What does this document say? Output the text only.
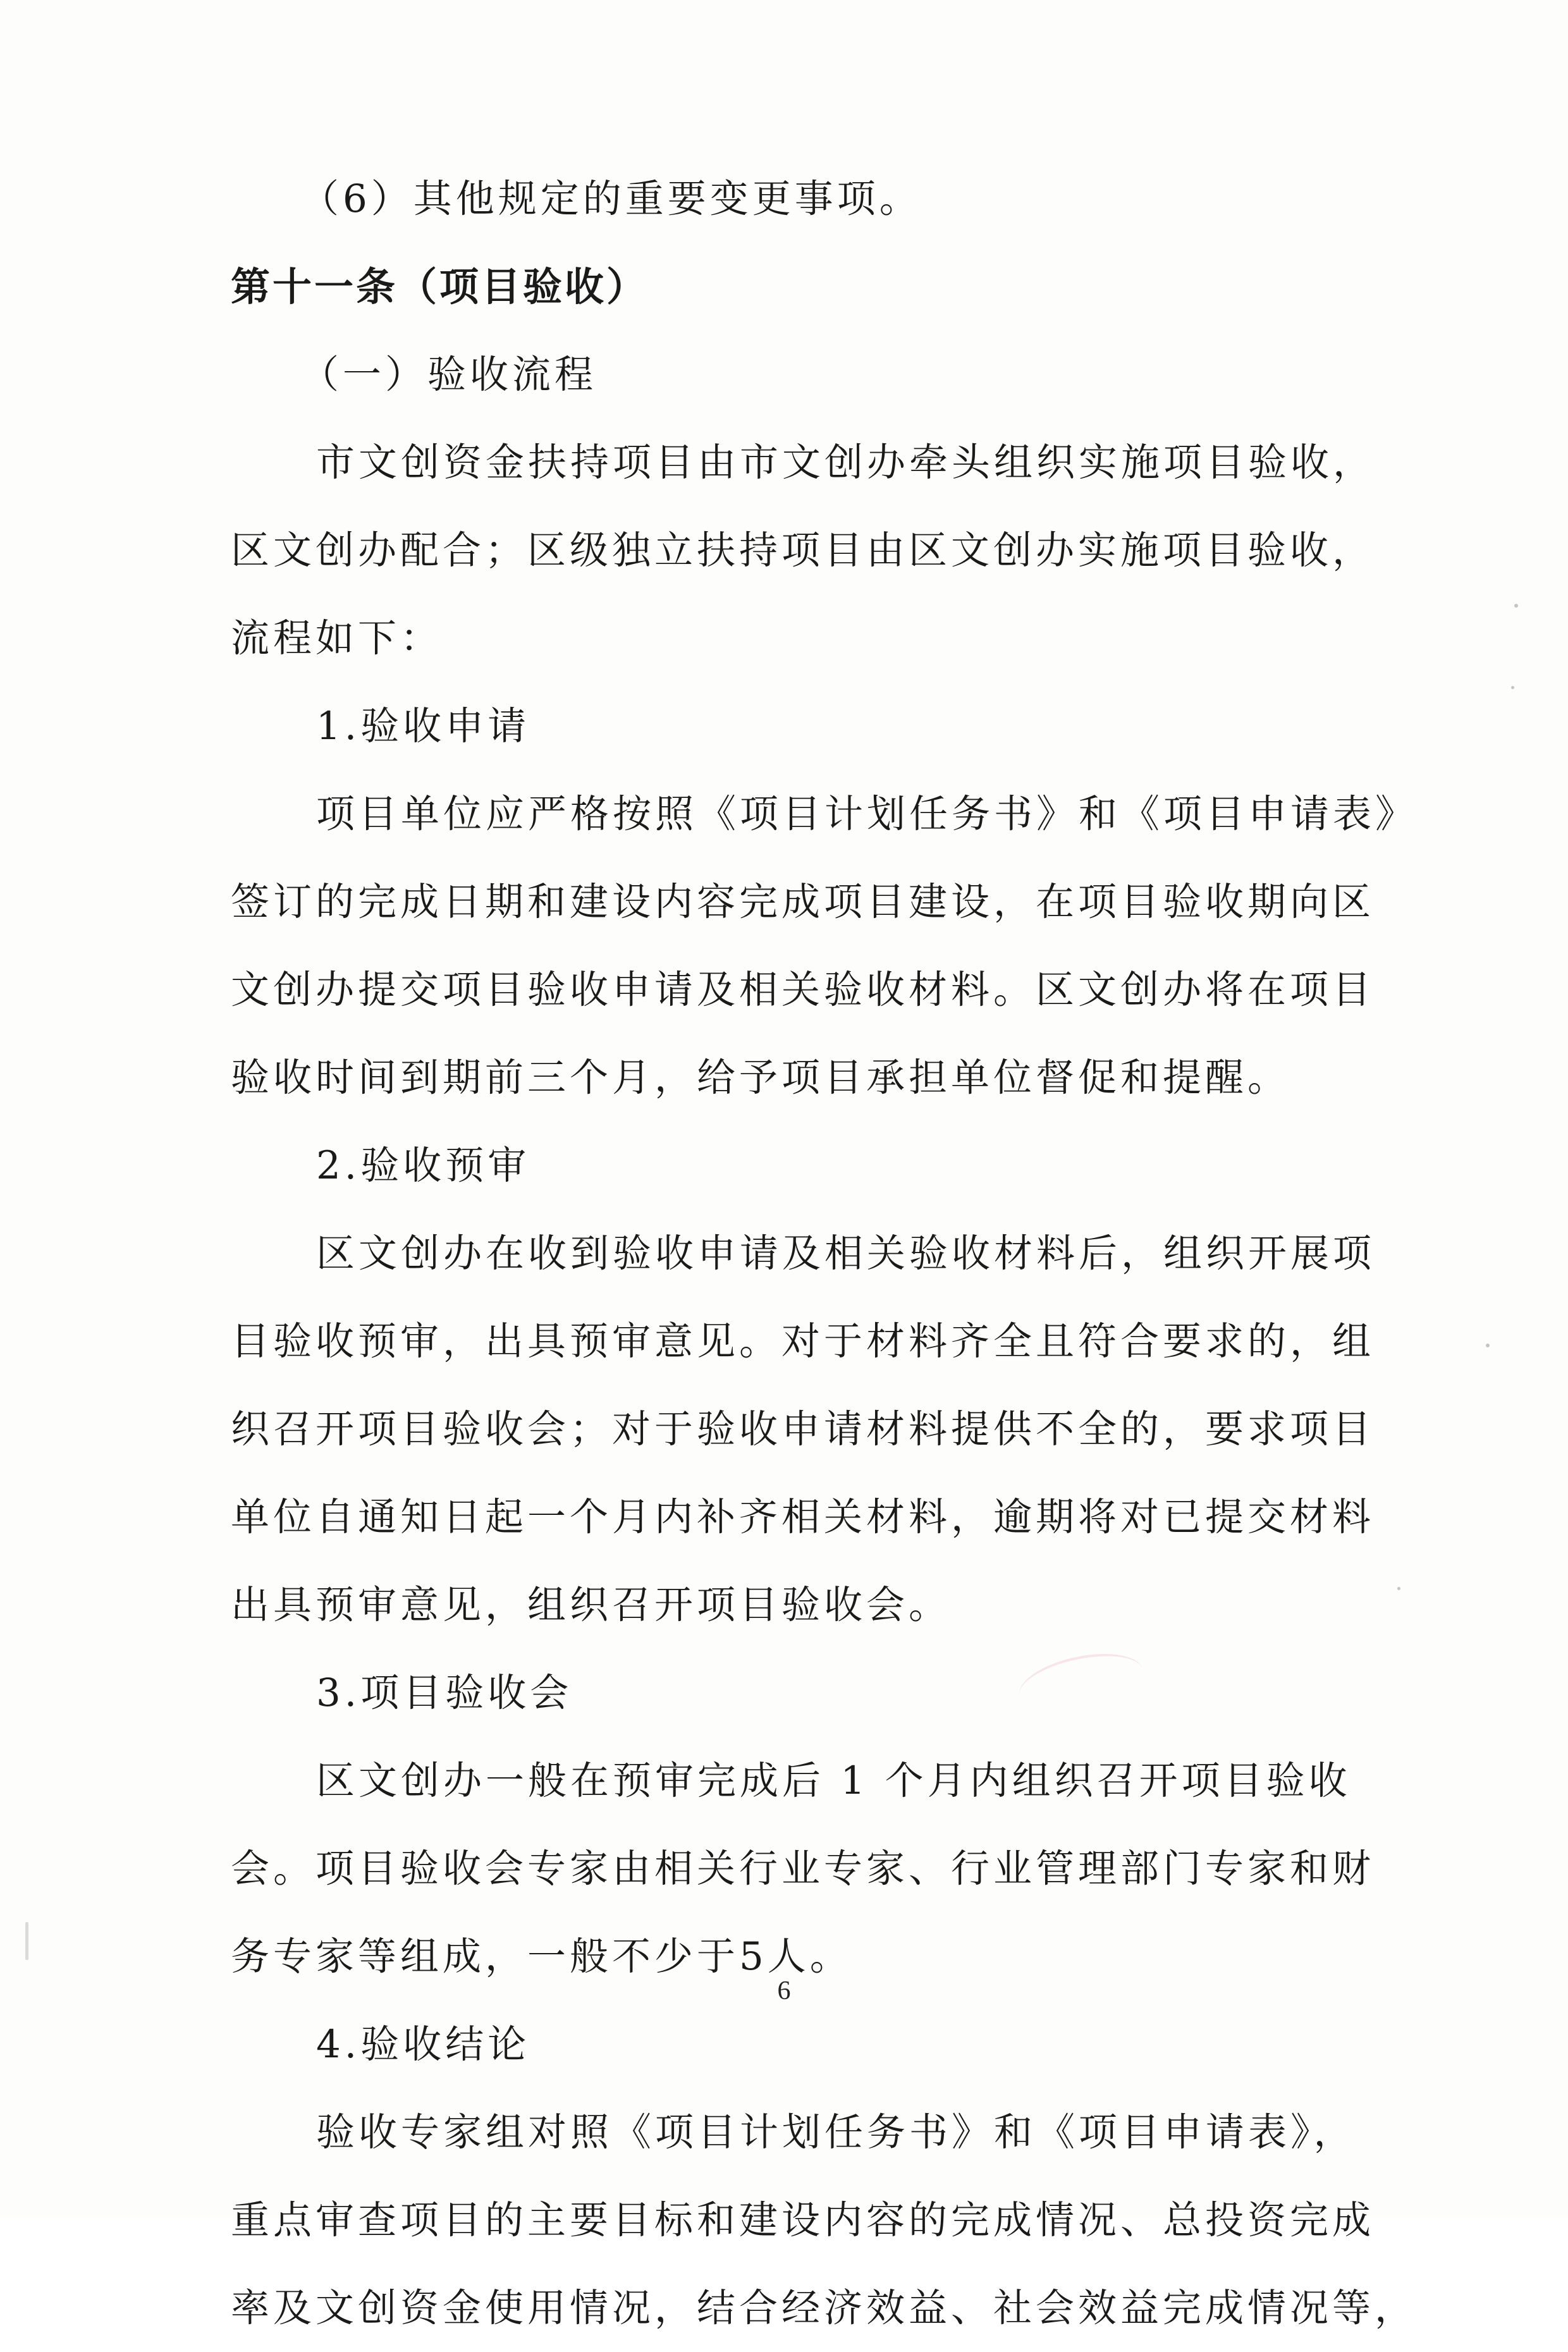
（6）其他规定的重要变更事项。
第十一条（项目验收）
（一）验收流程
市文创资金扶持项目由市文创办牵头组织实施项目验收，
区文创办配合；区级独立扶持项目由区文创办实施项目验收，
流程如下：
1.验收申请
项目单位应严格按照《项目计划任务书》和《项目申请表》
签订的完成日期和建设内容完成项目建设，在项目验收期向区
文创办提交项目验收申请及相关验收材料。区文创办将在项目
验收时间到期前三个月，给予项目承担单位督促和提醒。
2.验收预审
区文创办在收到验收申请及相关验收材料后，组织开展项
目验收预审，出具预审意见。对于材料齐全且符合要求的，组
织召开项目验收会；对于验收申请材料提供不全的，要求项目
单位自通知日起一个月内补齐相关材料，逾期将对已提交材料
出具预审意见，组织召开项目验收会。
3.项目验收会
区文创办一般在预审完成后 1 个月内组织召开项目验收
会。项目验收会专家由相关行业专家、行业管理部门专家和财
务专家等组成，一般不少于5人。
4.验收结论
验收专家组对照《项目计划任务书》和《项目申请表》，
重点审查项目的主要目标和建设内容的完成情况、总投资完成
率及文创资金使用情况，结合经济效益、社会效益完成情况等，
6
